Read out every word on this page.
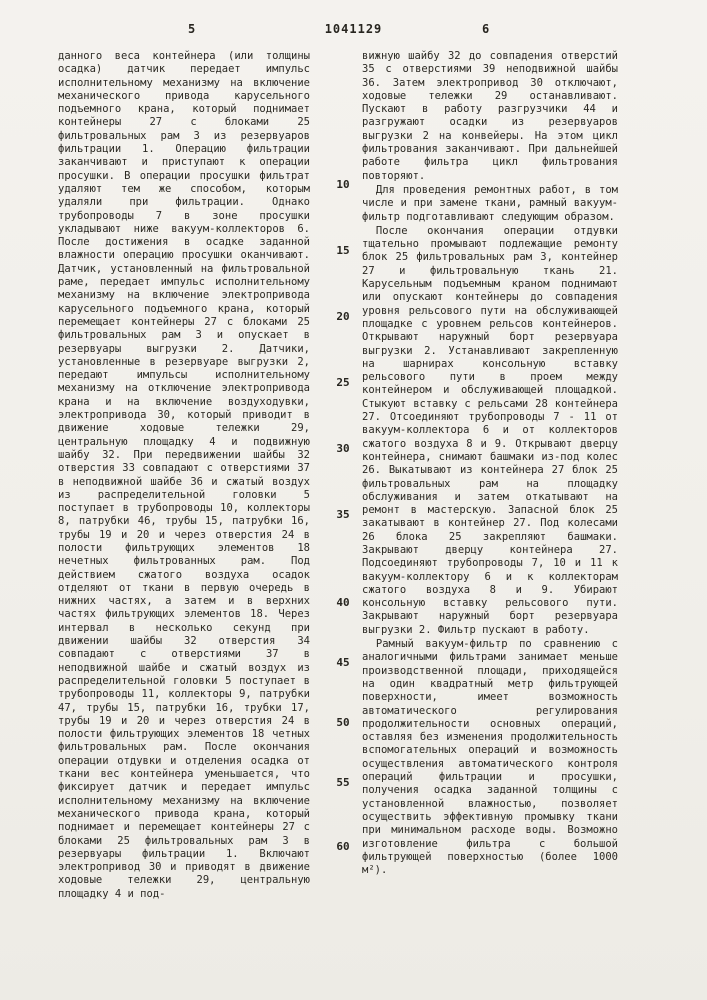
5	1041129	6

данного веса контейнера (или толщины осадка) датчик передает импульс исполнительному механизму на включение механического привода карусельного подъемного крана, который поднимает контейнеры 27 с блоками 25 фильтровальных рам 3 из резервуаров фильтрации 1. Операцию фильтрации заканчивают и приступают к операции просушки. В операции просушки фильтрат удаляют тем же способом, которым удаляли при фильтрации. Однако трубопроводы 7 в зоне просушки укладывают ниже вакуум-коллекторов 6. После достижения в осадке заданной влажности операцию просушки оканчивают. Датчик, установленный на фильтровальной раме, передает импульс исполнительному механизму на включение электропривода карусельного подъемного крана, который перемещает контейнеры 27 с блоками 25 фильтровальных рам 3 и опускает в резервуары выгрузки 2. Датчики, установленные в резервуаре выгрузки 2, передают импульсы исполнительному механизму на отключение электропривода крана и на включение воздуходувки, электропривода 30, который приводит в движение ходовые тележки 29, центральную площадку 4 и подвижную шайбу 32. При передвижении шайбы 32 отверстия 33 совпадают с отверстиями 37 в неподвижной шайбе 36 и сжатый воздух из распределительной головки 5 поступает в трубопроводы 10, коллекторы 8, патрубки 46, трубы 15, патрубки 16, трубы 19 и 20 и через отверстия 24 в полости фильтрующих элементов 18 нечетных фильтрованных рам. Под действием сжатого воздуха осадок отделяют от ткани в первую очередь в нижних частях, а затем и в верхних частях фильтрующих элементов 18. Через интервал в несколько секунд при движении шайбы 32 отверстия 34 совпадают с отверстиями 37 в неподвижной шайбе и сжатый воздух из распределительной головки 5 поступает в трубопроводы 11, коллекторы 9, патрубки 47, трубы 15, патрубки 16, трубки 17, трубы 19 и 20 и через отверстия 24 в полости фильтрующих элементов 18 четных фильтровальных рам. После окончания операции отдувки и отделения осадка от ткани вес контейнера уменьшается, что фиксирует датчик и передает импульс исполнительному механизму на включение механического привода крана, который поднимает и перемещает контейнеры 27 с блоками 25 фильтровальных рам 3 в резервуары фильтрации 1. Включают электропривод 30 и приводят в движение ходовые тележки 29, центральную площадку 4 и под-

10
15
20
25
30
35
40
45
50
55
60

вижную шайбу 32 до совпадения отверстий 35 с отверстиями 39 неподвижной шайбы 36. Затем электропривод 30 отключают, ходовые тележки 29 останавливают. Пускают в работу разгрузчики 44 и разгружают осадки из резервуаров выгрузки 2 на конвейеры. На этом цикл фильтрования заканчивают. При дальнейшей работе фильтра цикл фильтрования повторяют.

Для проведения ремонтных работ, в том числе и при замене ткани, рамный вакуум-фильтр подготавливают следующим образом.

После окончания операции отдувки тщательно промывают подлежащие ремонту блок 25 фильтровальных рам 3, контейнер 27 и фильтровальную ткань 21. Карусельным подъемным краном поднимают или опускают контейнеры до совпадения уровня рельсового пути на обслуживающей площадке с уровнем рельсов контейнеров. Открывают наружный борт резервуара выгрузки 2. Устанавливают закрепленную на шарнирах консольную вставку рельсового пути в проем между контейнером и обслуживающей площадкой. Стыкуют вставку с рельсами 28 контейнера 27. Отсоединяют трубопроводы 7 - 11 от вакуум-коллектора 6 и от коллекторов сжатого воздуха 8 и 9. Открывают дверцу контейнера, снимают башмаки из-под колес 26. Выкатывают из контейнера 27 блок 25 фильтровальных рам на площадку обслуживания и затем откатывают на ремонт в мастерскую. Запасной блок 25 закатывают в контейнер 27. Под колесами 26 блока 25 закрепляют башмаки. Закрывают дверцу контейнера 27. Подсоединяют трубопроводы 7, 10 и 11 к вакуум-коллектору 6 и к коллекторам сжатого воздуха 8 и 9. Убирают консольную вставку рельсового пути. Закрывают наружный борт резервуара выгрузки 2. Фильтр пускают в работу.

Рамный вакуум-фильтр по сравнению с аналогичными фильтрами занимает меньше производственной площади, приходящейся на один квадратный метр фильтрующей поверхности, имеет возможность автоматического регулирования продолжительности основных операций, оставляя без изменения продолжительность вспомогательных операций и возможность осуществления автоматического контроля операций фильтрации и просушки, получения осадка заданной толщины с установленной влажностью, позволяет осуществить эффективную промывку ткани при минимальном расходе воды. Возможно изготовление фильтра с большой фильтрующей поверхностью (более 1000 м²).
